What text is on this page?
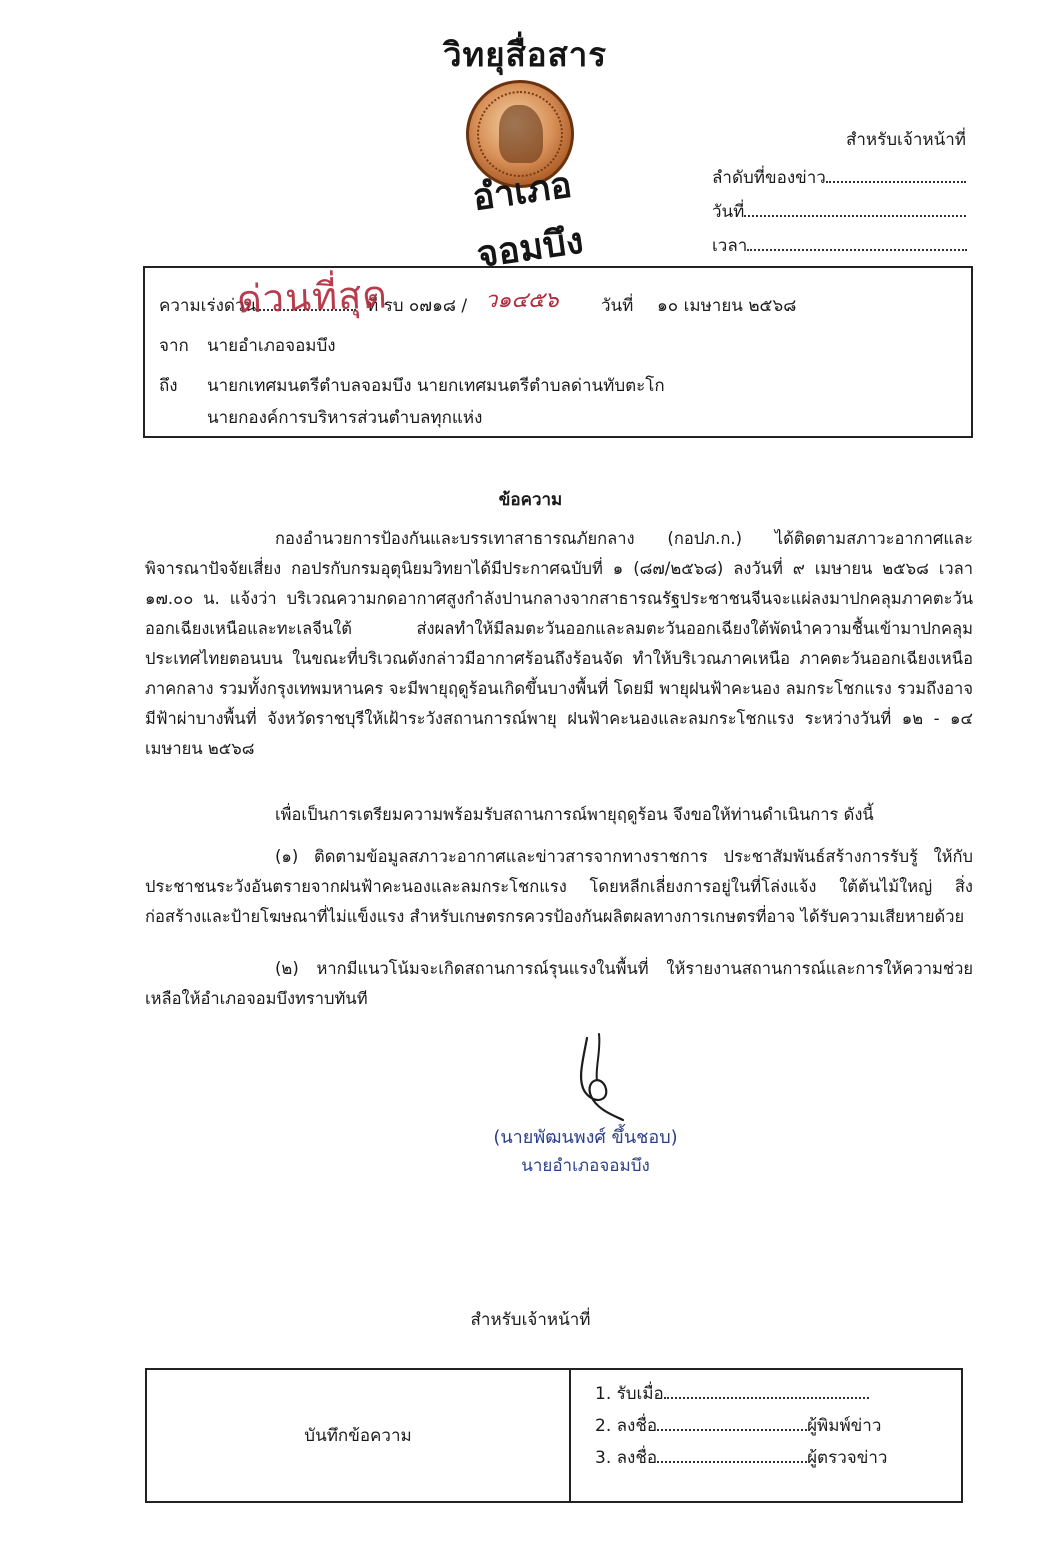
วิทยุสื่อสาร
อำเภอจอมบึง
สำหรับเจ้าหน้าที่
ลำดับที่ของข่าว
วันที่
เวลา
ความเร่งด่วน	ที่ รบ ๐๗๑๘ /	วันที่ ๑๐ เมษายน ๒๕๖๘
จาก นายอำเภอจอมบึง
ถึง นายกเทศมนตรีตำบลจอมบึง นายกเทศมนตรีตำบลด่านทับตะโก
นายกองค์การบริหารส่วนตำบลทุกแห่ง
ด่วนที่สุด	ว๑๔๕๖
ข้อความ
กองอำนวยการป้องกันและบรรเทาสาธารณภัยกลาง (กอปภ.ก.) ได้ติดตามสภาวะอากาศและพิจารณาปัจจัยเสี่ยง กอปรกับกรมอุตุนิยมวิทยาได้มีประกาศฉบับที่ ๑ (๘๗/๒๕๖๘) ลงวันที่ ๙ เมษายน ๒๕๖๘ เวลา ๑๗.๐๐ น. แจ้งว่า บริเวณความกดอากาศสูงกำลังปานกลางจากสาธารณรัฐประชาชนจีนจะแผ่ลงมาปกคลุมภาคตะวันออกเฉียงเหนือและทะเลจีนใต้ ส่งผลทำให้มีลมตะวันออกและลมตะวันออกเฉียงใต้พัดนำความชื้นเข้ามาปกคลุมประเทศไทยตอนบน ในขณะที่บริเวณดังกล่าวมีอากาศร้อนถึงร้อนจัด ทำให้บริเวณภาคเหนือ ภาคตะวันออกเฉียงเหนือ ภาคกลาง รวมทั้งกรุงเทพมหานคร จะมีพายุฤดูร้อนเกิดขึ้นบางพื้นที่ โดยมี พายุฝนฟ้าคะนอง ลมกระโชกแรง รวมถึงอาจมีฟ้าผ่าบางพื้นที่ จังหวัดราชบุรีให้เฝ้าระวังสถานการณ์พายุ ฝนฟ้าคะนองและลมกระโชกแรง ระหว่างวันที่ ๑๒ - ๑๔ เมษายน ๒๕๖๘
เพื่อเป็นการเตรียมความพร้อมรับสถานการณ์พายุฤดูร้อน จึงขอให้ท่านดำเนินการ ดังนี้
(๑) ติดตามข้อมูลสภาวะอากาศและข่าวสารจากทางราชการ ประชาสัมพันธ์สร้างการรับรู้ ให้กับประชาชนระวังอันตรายจากฝนฟ้าคะนองและลมกระโชกแรง โดยหลีกเลี่ยงการอยู่ในที่โล่งแจ้ง ใต้ต้นไม้ใหญ่ สิ่งก่อสร้างและป้ายโฆษณาที่ไม่แข็งแรง สำหรับเกษตรกรควรป้องกันผลิตผลทางการเกษตรที่อาจ ได้รับความเสียหายด้วย
(๒) หากมีแนวโน้มจะเกิดสถานการณ์รุนแรงในพื้นที่ ให้รายงานสถานการณ์และการให้ความช่วยเหลือให้อำเภอจอมบึงทราบทันที
(นายพัฒนพงศ์ ขึ้นชอบ)
นายอำเภอจอมบึง
สำหรับเจ้าหน้าที่
บันทึกข้อความ
1. รับเมื่อ
2. ลงชื่อ	ผู้พิมพ์ข่าว
3. ลงชื่อ	ผู้ตรวจข่าว
